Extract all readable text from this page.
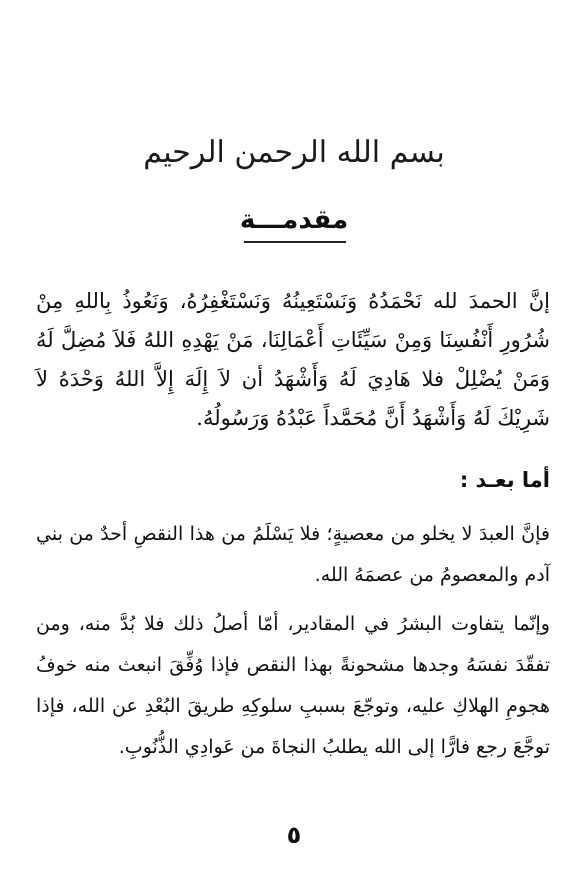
بسم الله الرحمن الرحيم
مقدمـــة

إنَّ الحمدَ لله نَحْمَدُهُ وَنَسْتَعِينُهُ وَنَسْتَغْفِرُهُ، وَنَعُوذُ بِاللهِ مِنْ شُرُورِ أَنْفُسِنَا وَمِنْ سَيِّئَاتِ أَعْمَالِنَا، مَنْ يَهْدِهِ اللهُ فَلاَ مُضِلَّ لَهُ وَمَنْ يُضْلِلْ فلا هَادِيَ لَهُ وَأَشْهَدُ أن لاَ إِلَهَ إِلاَّ اللهُ وَحْدَهُ لاَ شَرِيْكَ لَهُ وَأَشْهَدُ أَنَّ مُحَمَّداً عَبْدُهُ وَرَسُولُهُ.

أما بعـد :

فإنَّ العبدَ لا يخلو من معصيةٍ؛ فلا يَسْلَمُ من هذا النقصِ أحدٌ من بني آدم والمعصومُ من عصمَهُ الله.

وإنّما يتفاوت البشرُ في المقادير، أمّا أصلُ ذلك فلا بُدَّ منه، ومن تفقّدَ نفسَهُ وجدها مشحونةً بهذا النقص فإذا وُفِّقَ انبعث منه خوفُ هجومِ الهلاكِ عليه، وتوجّعَ بسببِ سلوكِهِ طريقَ البُعْدِ عن الله، فإذا توجَّعَ رجع فارًّا إلى الله يطلبُ النجاةَ من عَوادِي الذُّنُوبِ.

٥
